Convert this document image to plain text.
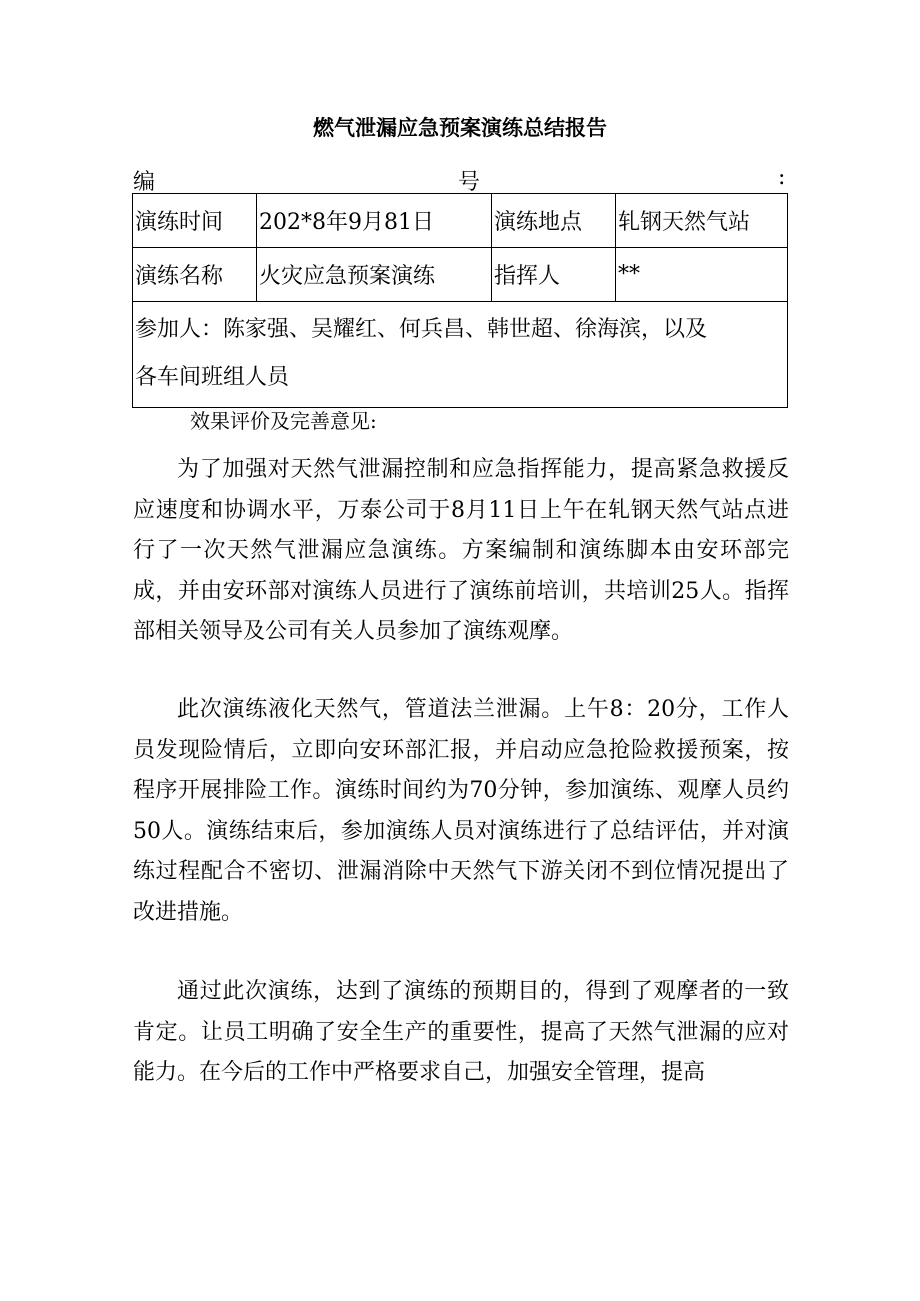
燃气泄漏应急预案演练总结报告
编	号	:
演练时间	202*8年9月81日	演练地点	轧钢天然气站
演练名称	火灾应急预案演练	指挥人	**

参加人：陈家强、吴耀红、何兵昌、韩世超、徐海滨，以及各车间班组人员			
效果评价及完善意见:

为了加强对天然气泄漏控制和应急指挥能力，提高紧急救援反应速度和协调水平，万泰公司于8月11日上午在轧钢天然气站点进行了一次天然气泄漏应急演练。方案编制和演练脚本由安环部完成，并由安环部对演练人员进行了演练前培训，共培训25人。指挥部相关领导及公司有关人员参加了演练观摩。

此次演练液化天然气，管道法兰泄漏。上午8：20分，工作人员发现险情后，立即向安环部汇报，并启动应急抢险救援预案，按程序开展排险工作。演练时间约为70分钟，参加演练、观摩人员约50人。演练结束后，参加演练人员对演练进行了总结评估，并对演练过程配合不密切、泄漏消除中天然气下游关闭不到位情况提出了改进措施。

通过此次演练，达到了演练的预期目的，得到了观摩者的一致肯定。让员工明确了安全生产的重要性，提高了天然气泄漏的应对能力。在今后的工作中严格要求自己，加强安全管理，提高
